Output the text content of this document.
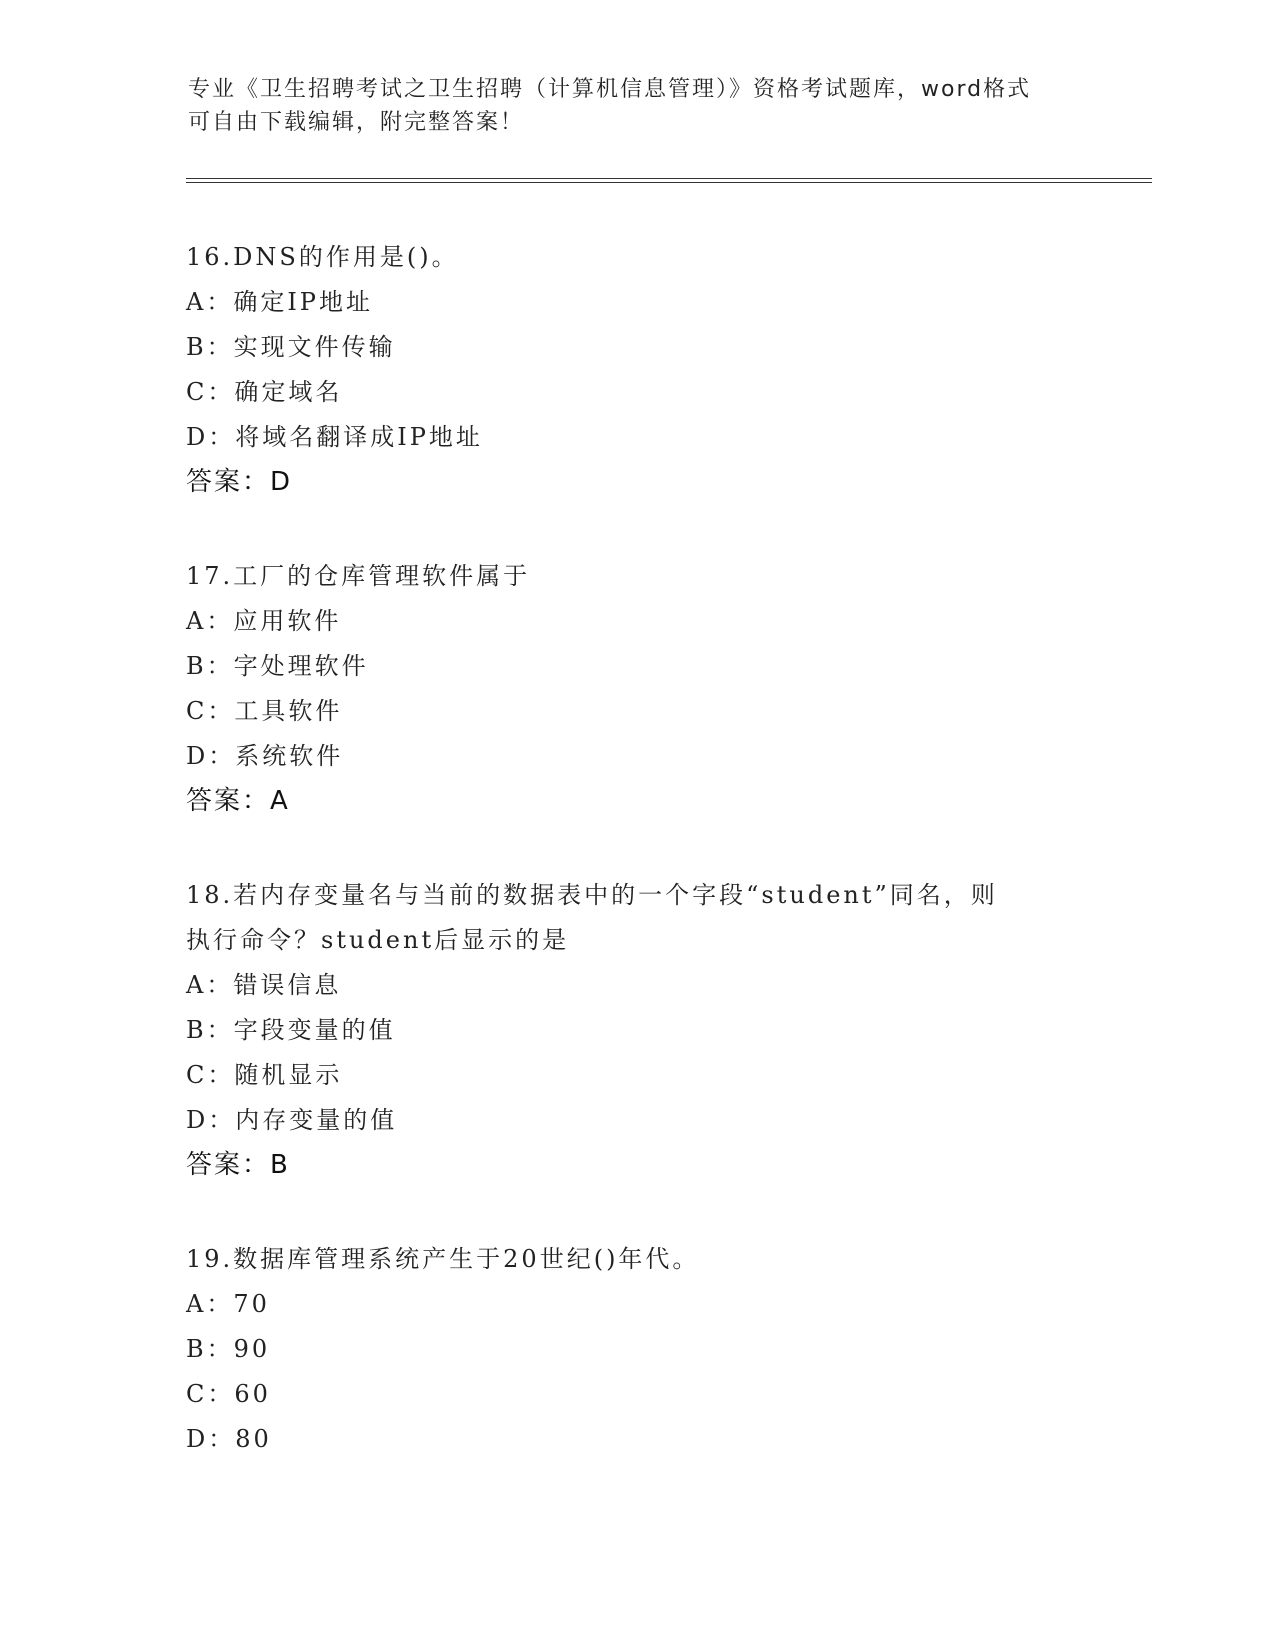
专业《卫生招聘考试之卫生招聘（计算机信息管理）》资格考试题库，word格式
可自由下载编辑，附完整答案！
16.DNS的作用是()。
A：确定IP地址
B：实现文件传输
C：确定域名
D：将域名翻译成IP地址
答案：D
17.工厂的仓库管理软件属于
A：应用软件
B：字处理软件
C：工具软件
D：系统软件
答案：A
18.若内存变量名与当前的数据表中的一个字段“student”同名，则
执行命令？student后显示的是
A：错误信息
B：字段变量的值
C：随机显示
D：内存变量的值
答案：B
19.数据库管理系统产生于20世纪()年代。
A：70
B：90
C：60
D：80
